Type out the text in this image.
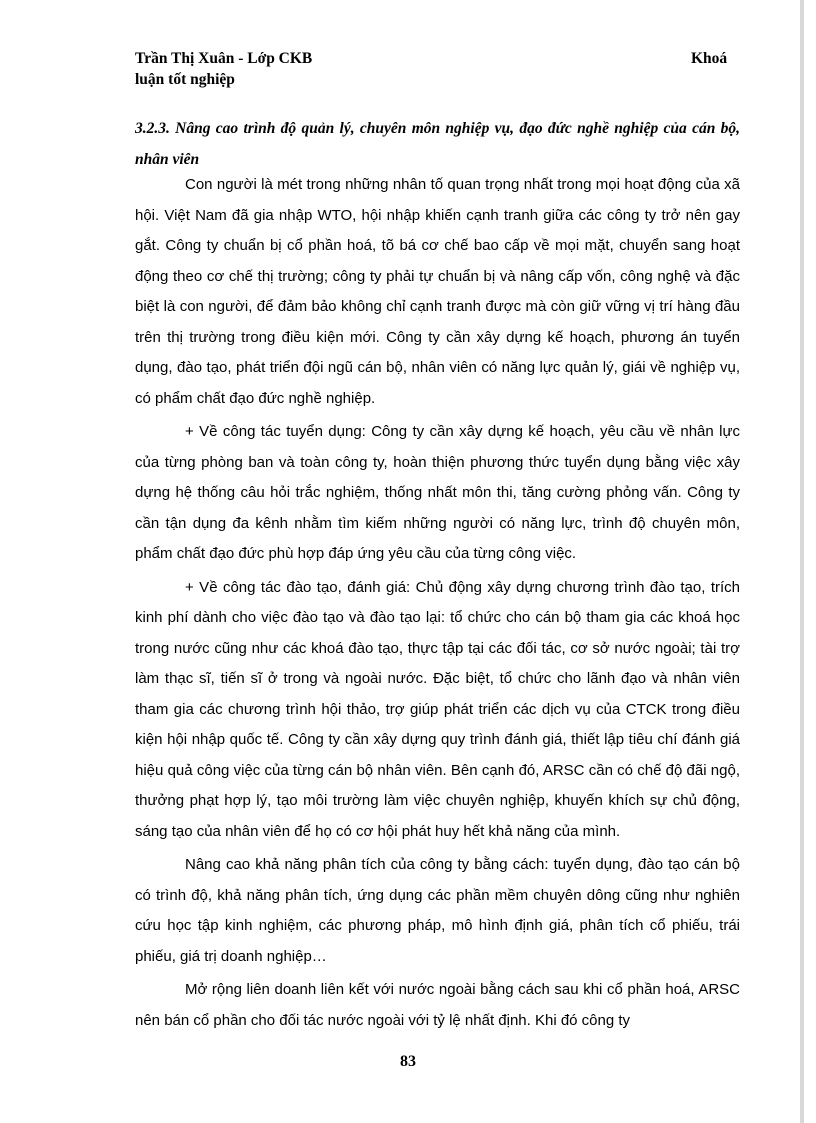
Trần Thị Xuân - Lớp CKB	Khoá
luận tốt nghiệp
3.2.3. Nâng cao trình độ quản lý, chuyên môn nghiệp vụ, đạo đức nghề nghiệp của cán bộ, nhân viên

Con người là mét trong những nhân tố quan trọng nhất trong mọi hoạt động của xã hội. Việt Nam đã gia nhập WTO, hội nhập khiến cạnh tranh giữa các công ty trở nên gay gắt. Công ty chuẩn bị cổ phần hoá, tõ bá cơ chế bao cấp về mọi mặt, chuyển sang hoạt động theo cơ chế thị trường; công ty phải tự chuẩn bị và nâng cấp vốn, công nghệ và đặc biệt là con người, để đảm bảo không chỉ cạnh tranh được mà còn giữ vững vị trí hàng đầu trên thị trường trong điều kiện mới. Công ty cần xây dựng kế hoạch, phương án tuyển dụng, đào tạo, phát triển đội ngũ cán bộ, nhân viên có năng lực quản lý, giái về nghiệp vụ, có phẩm chất đạo đức nghề nghiệp.

+ Về công tác tuyển dụng: Công ty cần xây dựng kế hoạch, yêu cầu về nhân lực của từng phòng ban và toàn công ty, hoàn thiện phương thức tuyển dụng bằng việc xây dựng hệ thống câu hỏi trắc nghiệm, thống nhất môn thi, tăng cường phỏng vấn. Công ty cần tận dụng đa kênh nhằm tìm kiếm những người có năng lực, trình độ chuyên môn, phẩm chất đạo đức phù hợp đáp ứng yêu cầu của từng công việc.

+ Về công tác đào tạo, đánh giá: Chủ động xây dựng chương trình đào tạo, trích kinh phí dành cho việc đào tạo và đào tạo lại: tổ chức cho cán bộ tham gia các khoá học trong nước cũng như các khoá đào tạo, thực tập tại các đối tác, cơ sở nước ngoài; tài trợ làm thạc sĩ, tiến sĩ ở trong và ngoài nước. Đặc biệt, tổ chức cho lãnh đạo và nhân viên tham gia các chương trình hội thảo, trợ giúp phát triển các dịch vụ của CTCK trong điều kiện hội nhập quốc tế. Công ty cần xây dựng quy trình đánh giá, thiết lập tiêu chí đánh giá hiệu quả công việc của từng cán bộ nhân viên. Bên cạnh đó, ARSC cần có chế độ đãi ngộ, thưởng phạt hợp lý, tạo môi trường làm việc chuyên nghiệp, khuyến khích sự chủ động, sáng tạo của nhân viên để họ có cơ hội phát huy hết khả năng của mình.

Nâng cao khả năng phân tích của công ty bằng cách: tuyển dụng, đào tạo cán bộ có trình độ, khả năng phân tích, ứng dụng các phần mềm chuyên dông cũng như nghiên cứu học tập kinh nghiệm, các phương pháp, mô hình định giá, phân tích cổ phiếu, trái phiếu, giá trị doanh nghiệp…

Mở rộng liên doanh liên kết với nước ngoài bằng cách sau khi cổ phần hoá, ARSC nên bán cổ phần cho đối tác nước ngoài với tỷ lệ nhất định. Khi đó công ty

83
